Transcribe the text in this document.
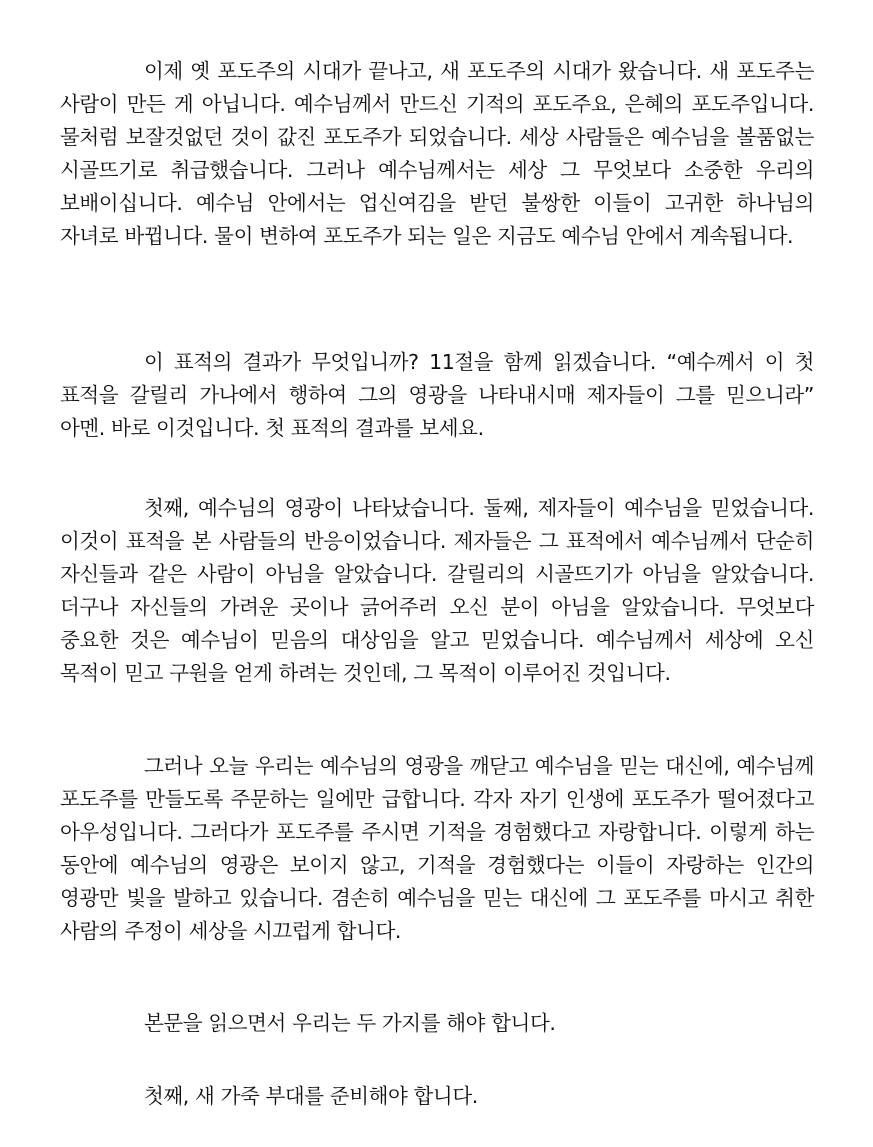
이제 옛 포도주의 시대가 끝나고, 새 포도주의 시대가 왔습니다. 새 포도주는 사람이 만든 게 아닙니다. 예수님께서 만드신 기적의 포도주요, 은혜의 포도주입니다. 물처럼 보잘것없던 것이 값진 포도주가 되었습니다. 세상 사람들은 예수님을 볼품없는 시골뜨기로 취급했습니다. 그러나 예수님께서는 세상 그 무엇보다 소중한 우리의 보배이십니다. 예수님 안에서는 업신여김을 받던 불쌍한 이들이 고귀한 하나님의 자녀로 바뀝니다. 물이 변하여 포도주가 되는 일은 지금도 예수님 안에서 계속됩니다.

이 표적의 결과가 무엇입니까? 11절을 함께 읽겠습니다. “예수께서 이 첫 표적을 갈릴리 가나에서 행하여 그의 영광을 나타내시매 제자들이 그를 믿으니라” 아멘. 바로 이것입니다. 첫 표적의 결과를 보세요.

첫째, 예수님의 영광이 나타났습니다. 둘째, 제자들이 예수님을 믿었습니다. 이것이 표적을 본 사람들의 반응이었습니다. 제자들은 그 표적에서 예수님께서 단순히 자신들과 같은 사람이 아님을 알았습니다. 갈릴리의 시골뜨기가 아님을 알았습니다. 더구나 자신들의 가려운 곳이나 긁어주러 오신 분이 아님을 알았습니다. 무엇보다 중요한 것은 예수님이 믿음의 대상임을 알고 믿었습니다. 예수님께서 세상에 오신 목적이 믿고 구원을 얻게 하려는 것인데, 그 목적이 이루어진 것입니다.

그러나 오늘 우리는 예수님의 영광을 깨닫고 예수님을 믿는 대신에, 예수님께 포도주를 만들도록 주문하는 일에만 급합니다. 각자 자기 인생에 포도주가 떨어졌다고 아우성입니다. 그러다가 포도주를 주시면 기적을 경험했다고 자랑합니다. 이렇게 하는 동안에 예수님의 영광은 보이지 않고, 기적을 경험했다는 이들이 자랑하는 인간의 영광만 빛을 발하고 있습니다. 겸손히 예수님을 믿는 대신에 그 포도주를 마시고 취한 사람의 주정이 세상을 시끄럽게 합니다.

본문을 읽으면서 우리는 두 가지를 해야 합니다.

첫째, 새 가죽 부대를 준비해야 합니다.
